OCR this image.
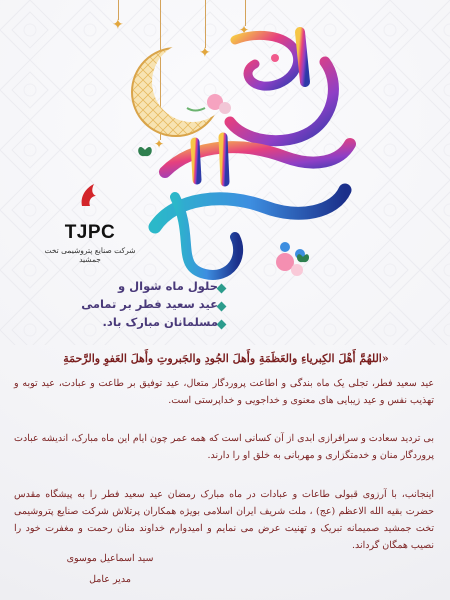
✦
✦
✦
✦
TJPC
شرکت صنایع پتروشیمی تخت جمشید
حلول ماه شوال و
عید سعید فطر بر تمامی
مسلمانان مبارک باد.
«اللهُمَّ أَهْلَ الكِبرياءِ والعَظَمَةِ وأَهلَ الجُودِ والجَبروتِ وأَهلَ العَفوِ والرَّحمَةِ
عید سعید فطر، تجلی یک ماه بندگی و اطاعت پروردگار متعال، عید توفیق بر طاعت و عبادت، عید توبه و تهذیب نفس و عید زیبایی های معنوی و خداجویی و خداپرستی است.
بی تردید سعادت و سرافرازی ابدی از آن کسانی است که همه عمر چون ایام این ماه مبارک، اندیشه عبادت پروردگار منان و خدمتگزاری و مهربانی به خلق او را دارند.
اینجانب، با آرزوی قبولی طاعات و عبادات در ماه مبارک رمضان عید سعید فطر را به پیشگاه مقدس حضرت بقیه الله الاعظم (عج) ، ملت شریف ایران اسلامی بویژه همکاران پرتلاش شرکت صنایع پتروشیمی تخت جمشید صمیمانه تبریک و تهنیت عرض می نمایم و امیدوارم خداوند منان رحمت و مغفرت خود را نصیب همگان گرداند.
سید اسماعیل موسوی
مدیر عامل
